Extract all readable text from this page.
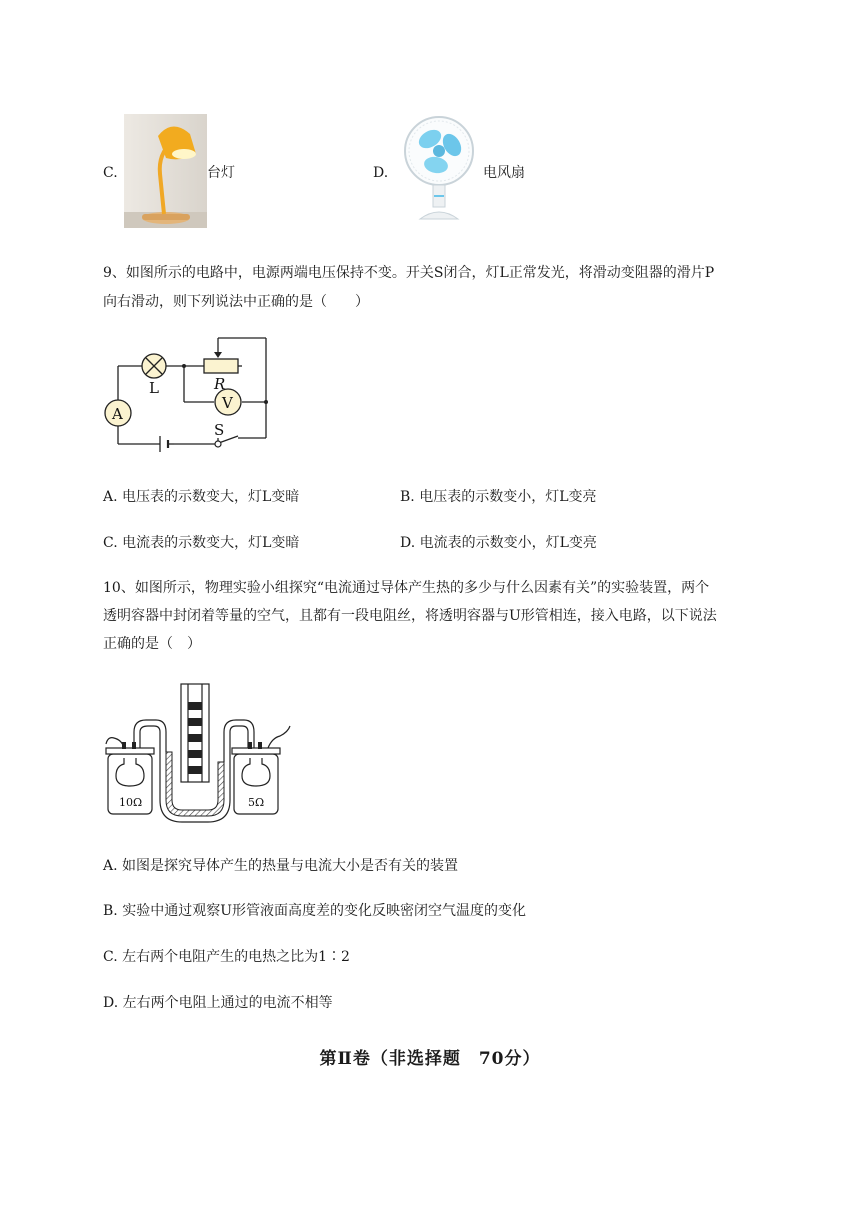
C.	台灯	D.	电风扇
9、如图所示的电路中，电源两端电压保持不变。开关S闭合，灯L正常发光，将滑动变阻器的滑片P
向右滑动，则下列说法中正确的是（　　）
L	R
V
A
S
A. 电压表的示数变大，灯L变暗	B. 电压表的示数变小，灯L变亮
C. 电流表的示数变大，灯L变暗	D. 电流表的示数变小，灯L变亮
10、如图所示，物理实验小组探究“电流通过导体产生热的多少与什么因素有关”的实验装置，两个
透明容器中封闭着等量的空气，且都有一段电阻丝，将透明容器与U形管相连，接入电路，以下说法
正确的是（　）
10Ω	5Ω
A. 如图是探究导体产生的热量与电流大小是否有关的装置
B. 实验中通过观察U形管液面高度差的变化反映密闭空气温度的变化
C. 左右两个电阻产生的电热之比为1∶2
D. 左右两个电阻上通过的电流不相等
第Ⅱ卷（非选择题　70分）
